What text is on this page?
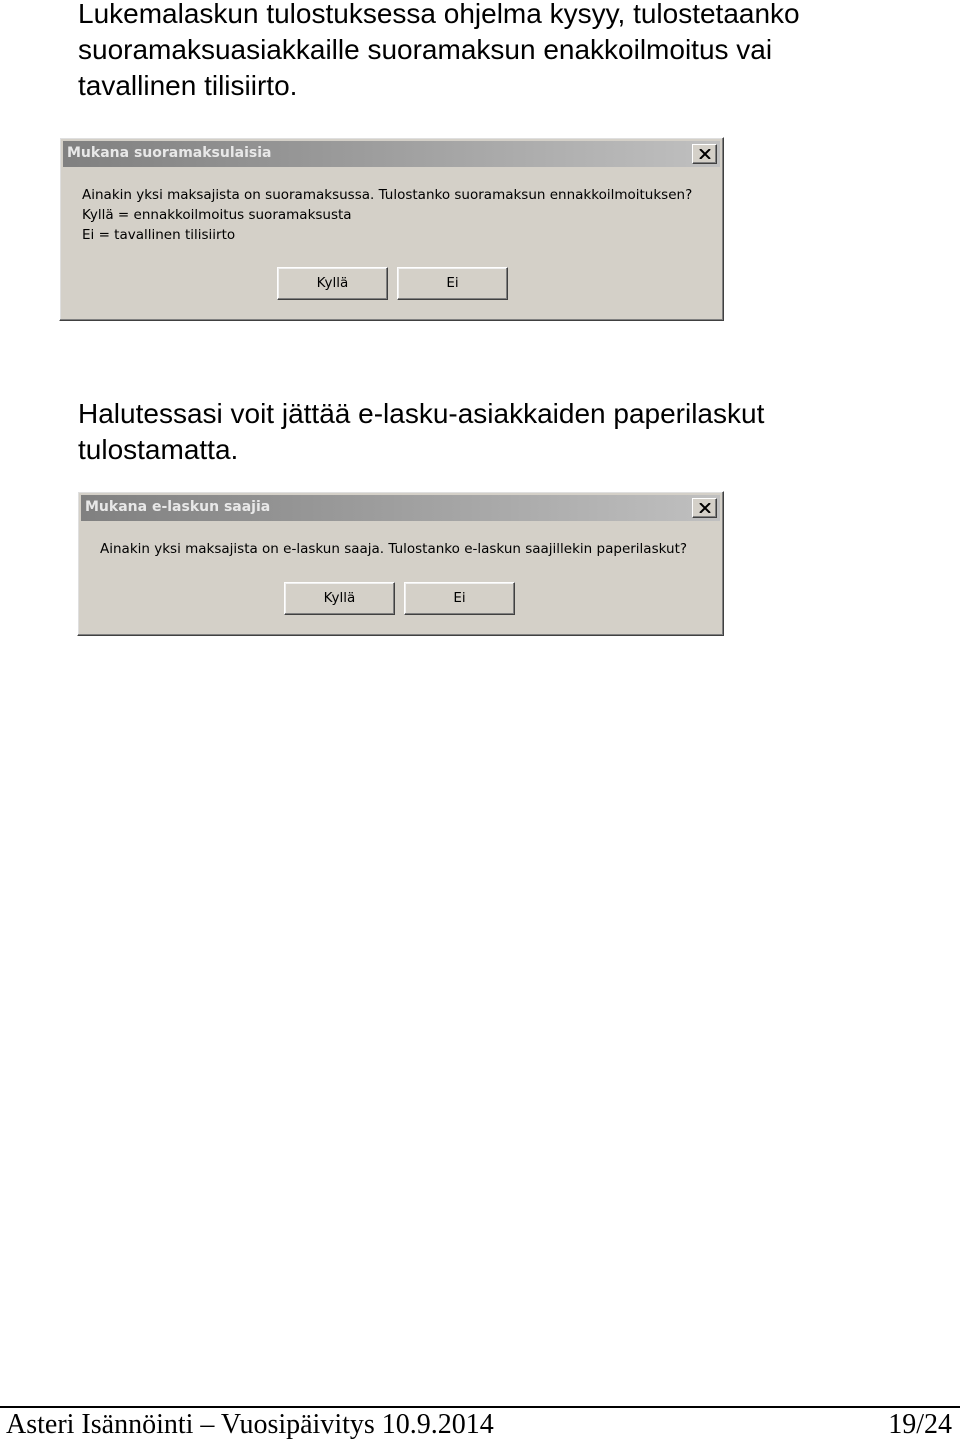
Lukemalaskun tulostuksessa ohjelma kysyy, tulostetaanko
suoramaksuasiakkaille suoramaksun enakkoilmoitus vai
tavallinen tilisiirto.
Mukana suoramaksulaisia
Ainakin yksi maksajista on suoramaksussa. Tulostanko suoramaksun ennakkoilmoituksen?
Kyllä = ennakkoilmoitus suoramaksusta
Ei = tavallinen tilisiirto
Kyllä	Ei
Halutessasi voit jättää e-lasku-asiakkaiden paperilaskut
tulostamatta.
Mukana e-laskun saajia
Ainakin yksi maksajista on e-laskun saaja. Tulostanko e-laskun saajillekin paperilaskut?
Kyllä	Ei
Asteri Isännöinti – Vuosipäivitys 10.9.2014	19/24
